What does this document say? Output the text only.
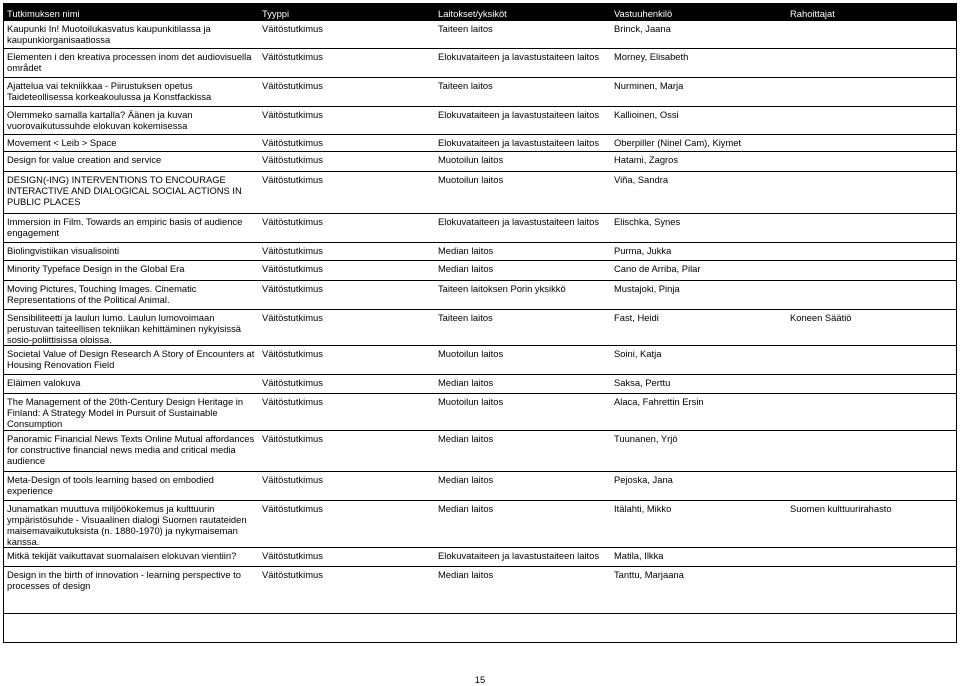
Tutkimuksen nimi	Tyyppi	Laitokset/yksiköt	Vastuuhenkilö	Rahoittajat
Kaupunki In! Muotoilukasvatus kaupunkitilassa ja kaupunkiorganisaatiossa	Väitöstutkimus	Taiteen laitos	Brinck, Jaana	
Elementen i den kreativa processen inom det audiovisuella området	Väitöstutkimus	Elokuvataiteen ja lavastustaiteen laitos	Morney, Elisabeth	
Ajattelua vai tekniikkaa - Piirustuksen opetus Taideteollisessa korkeakoulussa ja Konstfackissa	Väitöstutkimus	Taiteen laitos	Nurminen, Marja	
Olemmeko samalla kartalla? Äänen ja kuvan vuorovaikutussuhde elokuvan kokemisessa	Väitöstutkimus	Elokuvataiteen ja lavastustaiteen laitos	Kallioinen, Ossi	
Movement < Leib > Space	Väitöstutkimus	Elokuvataiteen ja lavastustaiteen laitos	Oberpiller (Ninel Cam), Kiymet	
Design for value creation and service	Väitöstutkimus	Muotoilun laitos	Hatami, Zagros	
DESIGN(-ING) INTERVENTIONS TO ENCOURAGE INTERACTIVE AND DIALOGICAL SOCIAL ACTIONS IN PUBLIC PLACES	Väitöstutkimus	Muotoilun laitos	Viña, Sandra	
Immersion in Film. Towards an empiric basis of audience engagement	Väitöstutkimus	Elokuvataiteen ja lavastustaiteen laitos	Elischka, Synes	
Biolingvistiikan visualisointi	Väitöstutkimus	Median laitos	Purma, Jukka	
Minority Typeface Design in the Global Era	Väitöstutkimus	Median laitos	Cano de Arriba, Pilar	
Moving Pictures, Touching Images. Cinematic Representations of the Political Animal.	Väitöstutkimus	Taiteen laitoksen Porin yksikkö	Mustajoki, Pinja	
Sensibiliteetti ja laulun lumo. Laulun lumovoimaan perustuvan taiteellisen tekniikan kehittäminen nykyisissä sosio-poliittisissa oloissa.	Väitöstutkimus	Taiteen laitos	Fast, Heidi	Koneen Säätiö
Societal Value of Design Research A Story of Encounters at Housing Renovation Field	Väitöstutkimus	Muotoilun laitos	Soini, Katja	
Eläimen valokuva	Väitöstutkimus	Median laitos	Saksa, Perttu	
The Management of the 20th-Century Design Heritage in Finland: A Strategy Model in Pursuit of Sustainable Consumption	Väitöstutkimus	Muotoilun laitos	Alaca, Fahrettin Ersin	
Panoramic Financial News Texts Online Mutual affordances for constructive financial news media and critical media audience	Väitöstutkimus	Median laitos	Tuunanen, Yrjö	
Meta-Design of tools learning based on embodied experience	Väitöstutkimus	Median laitos	Pejoska, Jana	
Junamatkan muuttuva miljöökokemus ja kulttuurin ympäristösuhde - Visuaalinen dialogi Suomen rautateiden maisemavaikutuksista (n. 1880-1970) ja nykymaiseman kanssa.	Väitöstutkimus	Median laitos	Itälahti, Mikko	Suomen kulttuurirahasto
Mitkä tekijät vaikuttavat suomalaisen elokuvan vientiin?	Väitöstutkimus	Elokuvataiteen ja lavastustaiteen laitos	Matila, Ilkka	
Design in the birth of innovation - learning perspective to processes of design	Väitöstutkimus	Median laitos	Tanttu, Marjaana	
15
